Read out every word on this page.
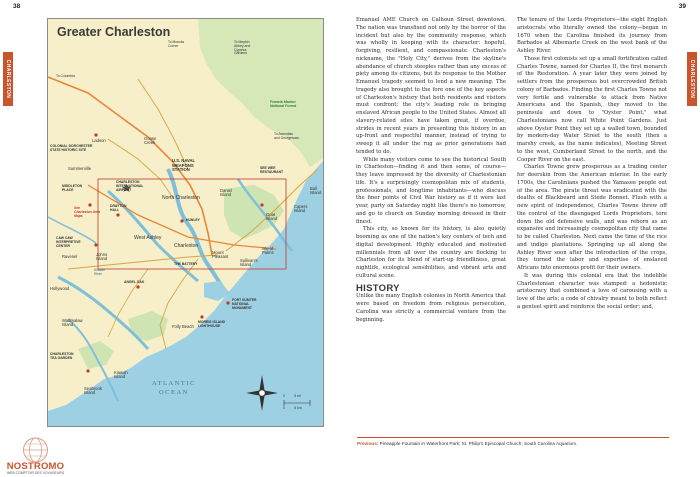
38	39
CHARLESTON	CHARLESTON
Greater Charleston
To Moncks
Corner
To Mepkin
Abbey and
Cypress
Gardens
To Columbia
Francis Marion
National Forest
To Awendaw
and Georgetown
COLONIAL DORCHESTER
STATE HISTORIC SITE
Ladson	Goose
Creek
U.S. NAVAL
WEAPONS
STATION
Summerville	SEE WEE
RESTAURANT
MIDDLETON
PLACE
CHARLESTON
INTERNATIONAL
AIRPORT
DRAYTON
HALL
See
Charleston Area
Maps
Daniel
Island
North Charleston
HUNLEY
Bull
Island
Capers
Island
Goat
Island
CAW CAW
INTERPRETIVE
CENTER
West Ashley
Ravenel	Johns
Island
Charleston
Mount
Pleasant
Isle of
Palms
Sullivan's
Island
Hollywood
Kiawah
River
ANGEL OAK
THE BATTERY
FORT SUMTER
NATIONAL
MONUMENT
Folly Beach
MORRIS ISLAND
LIGHTHOUSE
Wadmalaw
Island
CHARLESTON
TEA GARDEN
Kiawah
Island
Seabrook
Island
ATLANTIC
OCEAN	0          5 mi
0          5 km

Emanuel AME Church on Calhoun Street downtown. The nation was transfixed not only by the horror of the incident but also by the community response, which was wholly in keeping with its character: hopeful, forgiving, resilient, and compassionate. Charleston's nickname, the "Holy City," derives from the skyline's abundance of church steeples rather than any excess of piety among its citizens, but its response to the Mother Emanuel tragedy seemed to lend a new meaning. The tragedy also brought to the fore one of the key aspects of Charleston's history that both residents and visitors must confront: the city's leading role in bringing enslaved African people to the United States. Almost all slavery-related sites have taken great, if overdue, strides in recent years in presenting this history in an up-front and respectful manner, instead of trying to sweep it all under the rug as prior generations had tended to do.

While many visitors come to see the historical South in Charleston—finding it and then some, of course—they leave impressed by the diversity of Charlestonian life. It's a surprisingly cosmopolitan mix of students, professionals, and longtime inhabitants—who discuss the finer points of Civil War history as if it were last year, party on Saturday night like there's no tomorrow, and go to church on Sunday morning dressed in their finest.

This city, so known for its history, is also quietly booming as one of the nation's key centers of tech and digital development. Highly educated and motivated millennials from all over the country are flocking to Charleston for its blend of start-up friendliness, great nightlife, ecological sensibilities, and vibrant arts and cultural scene.

HISTORY

Unlike the many English colonies in North America that were based on freedom from religious persecution, Carolina was strictly a commercial venture from the beginning.

The tenure of the Lords Proprietors—the eight English aristocrats who literally owned the colony—began in 1670 when the Carolina finished its journey from Barbados at Albemarle Creek on the west bank of the Ashley River.

Those first colonists set up a small fortification called Charles Towne, named for Charles II, the first monarch of the Restoration. A year later they were joined by settlers from the prosperous but overcrowded British colony of Barbados. Finding the first Charles Towne not very fertile and vulnerable to attack from Native Americans and the Spanish, they moved to the peninsula and down to "Oyster Point," what Charlestonians now call White Point Gardens. Just above Oyster Point they set up a walled town, bounded by modern-day Water Street to the south (then a marshy creek, as the name indicates), Meeting Street to the west, Cumberland Street to the north, and the Cooper River on the east.

Charles Towne grew prosperous as a trading center for deerskin from the American interior. In the early 1700s, the Carolinians pushed the Yamasee people out of the area. The pirate threat was eradicated with the deaths of Blackbeard and Stede Bonnet. Flush with a new spirit of independence, Charles Towne threw off the control of the disengaged Lords Proprietors, tore down the old defensive walls, and was reborn as an expansive and increasingly cosmopolitan city that came to be called Charleston. Next came the time of the rice and indigo plantations. Springing up all along the Ashley River soon after the introduction of the crops, they turned the labor and expertise of enslaved Africans into enormous profit for their owners.

It was during this colonial era that the indelible Charlestonian character was stamped: a hedonistic aristocracy that combined a love of carousing with a love of the arts; a code of chivalry meant to both reflect a genteel spirit and reinforce the social order; and,

Previous: Pineapple Fountain in Waterfront Park; St. Philip's Episcopal Church; South Carolina Aquarium.
NOSTROMO
WEB COMPTOIR DES VOYAGEURS
